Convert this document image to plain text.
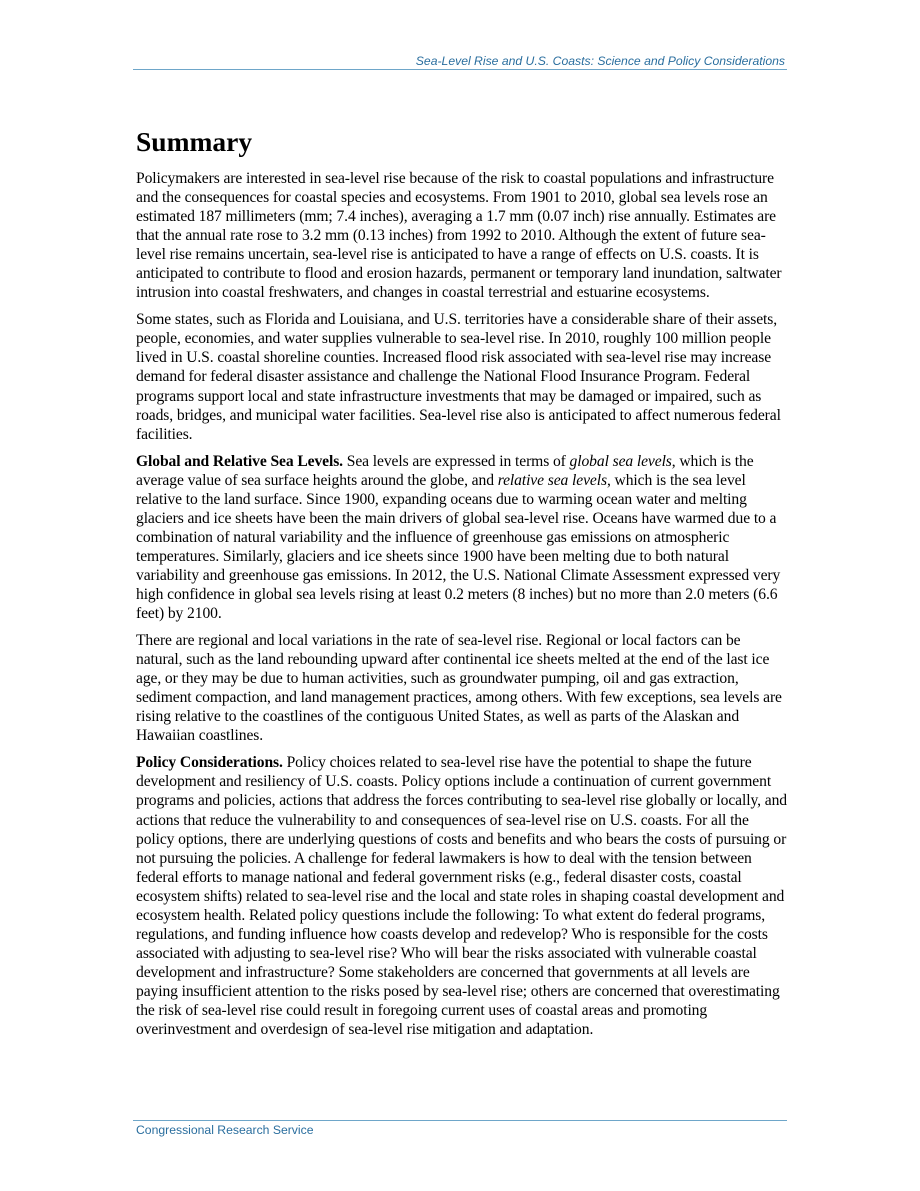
Sea-Level Rise and U.S. Coasts: Science and Policy Considerations
Summary

Policymakers are interested in sea-level rise because of the risk to coastal populations and infrastructure and the consequences for coastal species and ecosystems. From 1901 to 2010, global sea levels rose an estimated 187 millimeters (mm; 7.4 inches), averaging a 1.7 mm (0.07 inch) rise annually. Estimates are that the annual rate rose to 3.2 mm (0.13 inches) from 1992 to 2010. Although the extent of future sea-level rise remains uncertain, sea-level rise is anticipated to have a range of effects on U.S. coasts. It is anticipated to contribute to flood and erosion hazards, permanent or temporary land inundation, saltwater intrusion into coastal freshwaters, and changes in coastal terrestrial and estuarine ecosystems.

Some states, such as Florida and Louisiana, and U.S. territories have a considerable share of their assets, people, economies, and water supplies vulnerable to sea-level rise. In 2010, roughly 100 million people lived in U.S. coastal shoreline counties. Increased flood risk associated with sea-level rise may increase demand for federal disaster assistance and challenge the National Flood Insurance Program. Federal programs support local and state infrastructure investments that may be damaged or impaired, such as roads, bridges, and municipal water facilities. Sea-level rise also is anticipated to affect numerous federal facilities.

Global and Relative Sea Levels. Sea levels are expressed in terms of global sea levels, which is the average value of sea surface heights around the globe, and relative sea levels, which is the sea level relative to the land surface. Since 1900, expanding oceans due to warming ocean water and melting glaciers and ice sheets have been the main drivers of global sea-level rise. Oceans have warmed due to a combination of natural variability and the influence of greenhouse gas emissions on atmospheric temperatures. Similarly, glaciers and ice sheets since 1900 have been melting due to both natural variability and greenhouse gas emissions. In 2012, the U.S. National Climate Assessment expressed very high confidence in global sea levels rising at least 0.2 meters (8 inches) but no more than 2.0 meters (6.6 feet) by 2100.

There are regional and local variations in the rate of sea-level rise. Regional or local factors can be natural, such as the land rebounding upward after continental ice sheets melted at the end of the last ice age, or they may be due to human activities, such as groundwater pumping, oil and gas extraction, sediment compaction, and land management practices, among others. With few exceptions, sea levels are rising relative to the coastlines of the contiguous United States, as well as parts of the Alaskan and Hawaiian coastlines.

Policy Considerations. Policy choices related to sea-level rise have the potential to shape the future development and resiliency of U.S. coasts. Policy options include a continuation of current government programs and policies, actions that address the forces contributing to sea-level rise globally or locally, and actions that reduce the vulnerability to and consequences of sea-level rise on U.S. coasts. For all the policy options, there are underlying questions of costs and benefits and who bears the costs of pursuing or not pursuing the policies. A challenge for federal lawmakers is how to deal with the tension between federal efforts to manage national and federal government risks (e.g., federal disaster costs, coastal ecosystem shifts) related to sea-level rise and the local and state roles in shaping coastal development and ecosystem health. Related policy questions include the following: To what extent do federal programs, regulations, and funding influence how coasts develop and redevelop? Who is responsible for the costs associated with adjusting to sea-level rise? Who will bear the risks associated with vulnerable coastal development and infrastructure? Some stakeholders are concerned that governments at all levels are paying insufficient attention to the risks posed by sea-level rise; others are concerned that overestimating the risk of sea-level rise could result in foregoing current uses of coastal areas and promoting overinvestment and overdesign of sea-level rise mitigation and adaptation.

Congressional Research Service
